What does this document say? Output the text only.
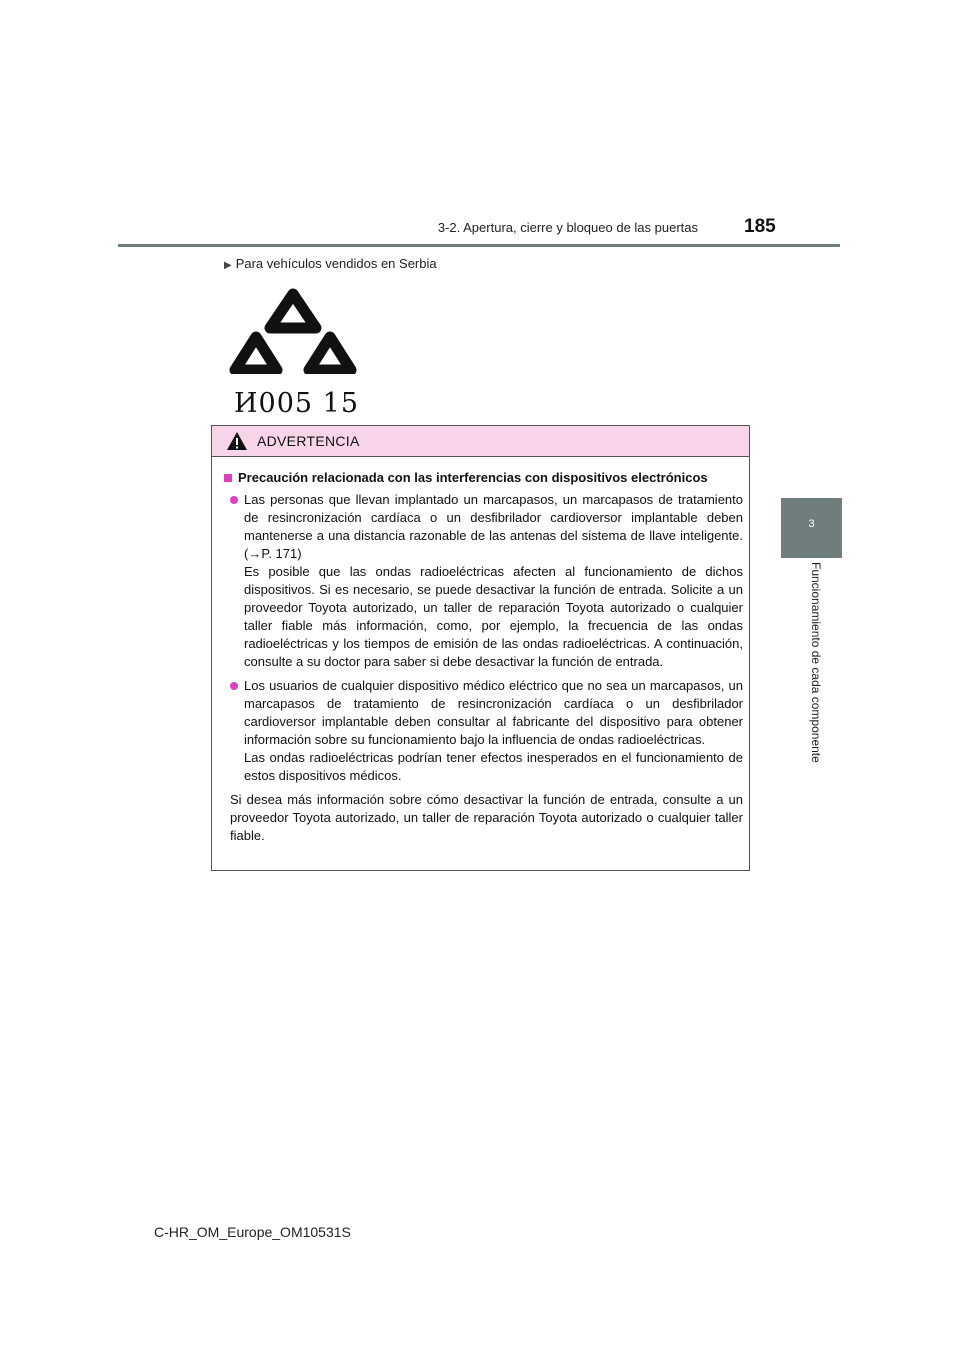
3-2. Apertura, cierre y bloqueo de las puertas 185
3
Funcionamiento de cada componente
▶ Para vehículos vendidos en Serbia
И005 15
ADVERTENCIA
Precaución relacionada con las interferencias con dispositivos electrónicos

Las personas que llevan implantado un marcapasos, un marcapasos de tratamiento de resincronización cardíaca o un desfibrilador cardioversor implantable deben mantenerse a una distancia razonable de las antenas del sistema de llave inteligente. (→P. 171)

Es posible que las ondas radioeléctricas afecten al funcionamiento de dichos dispositivos. Si es necesario, se puede desactivar la función de entrada. Solicite a un proveedor Toyota autorizado, un taller de reparación Toyota autorizado o cualquier taller fiable más información, como, por ejemplo, la frecuencia de las ondas radioeléctricas y los tiempos de emisión de las ondas radioeléctricas. A continuación, consulte a su doctor para saber si debe desactivar la función de entrada.

Los usuarios de cualquier dispositivo médico eléctrico que no sea un marcapasos, un marcapasos de tratamiento de resincronización cardíaca o un desfibrilador cardioversor implantable deben consultar al fabricante del dispositivo para obtener información sobre su funcionamiento bajo la influencia de ondas radioeléctricas.

Las ondas radioeléctricas podrían tener efectos inesperados en el funcionamiento de estos dispositivos médicos.

Si desea más información sobre cómo desactivar la función de entrada, consulte a un proveedor Toyota autorizado, un taller de reparación Toyota autorizado o cualquier taller fiable.

C-HR_OM_Europe_OM10531S
